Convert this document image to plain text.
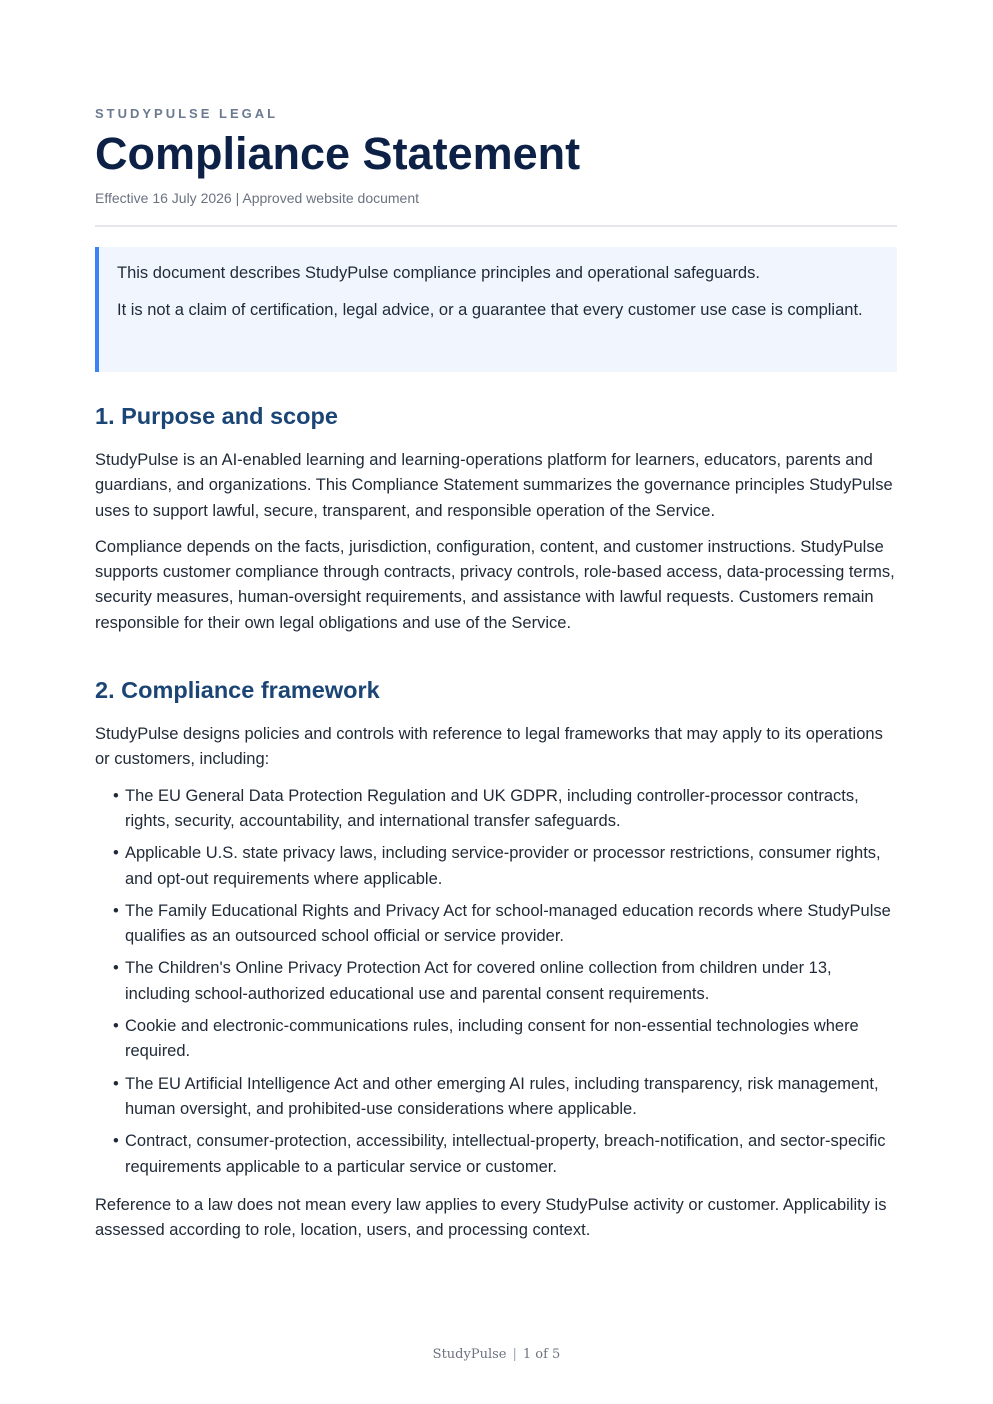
STUDYPULSE LEGAL
Compliance Statement
Effective 16 July 2026 | Approved website document

This document describes StudyPulse compliance principles and operational safeguards.

It is not a claim of certification, legal advice, or a guarantee that every customer use case is compliant.

1. Purpose and scope

StudyPulse is an AI-enabled learning and learning-operations platform for learners, educators, parents and guardians, and organizations. This Compliance Statement summarizes the governance principles StudyPulse uses to support lawful, secure, transparent, and responsible operation of the Service.

Compliance depends on the facts, jurisdiction, configuration, content, and customer instructions. StudyPulse supports customer compliance through contracts, privacy controls, role-based access, data-processing terms, security measures, human-oversight requirements, and assistance with lawful requests. Customers remain responsible for their own legal obligations and use of the Service.

2. Compliance framework

StudyPulse designs policies and controls with reference to legal frameworks that may apply to its operations or customers, including:

• The EU General Data Protection Regulation and UK GDPR, including controller-processor contracts, rights, security, accountability, and international transfer safeguards.
• Applicable U.S. state privacy laws, including service-provider or processor restrictions, consumer rights, and opt-out requirements where applicable.
• The Family Educational Rights and Privacy Act for school-managed education records where StudyPulse qualifies as an outsourced school official or service provider.
• The Children's Online Privacy Protection Act for covered online collection from children under 13, including school-authorized educational use and parental consent requirements.
• Cookie and electronic-communications rules, including consent for non-essential technologies where required.
• The EU Artificial Intelligence Act and other emerging AI rules, including transparency, risk management, human oversight, and prohibited-use considerations where applicable.
• Contract, consumer-protection, accessibility, intellectual-property, breach-notification, and sector-specific requirements applicable to a particular service or customer.

Reference to a law does not mean every law applies to every StudyPulse activity or customer. Applicability is assessed according to role, location, users, and processing context.

StudyPulse | 1 of 5
